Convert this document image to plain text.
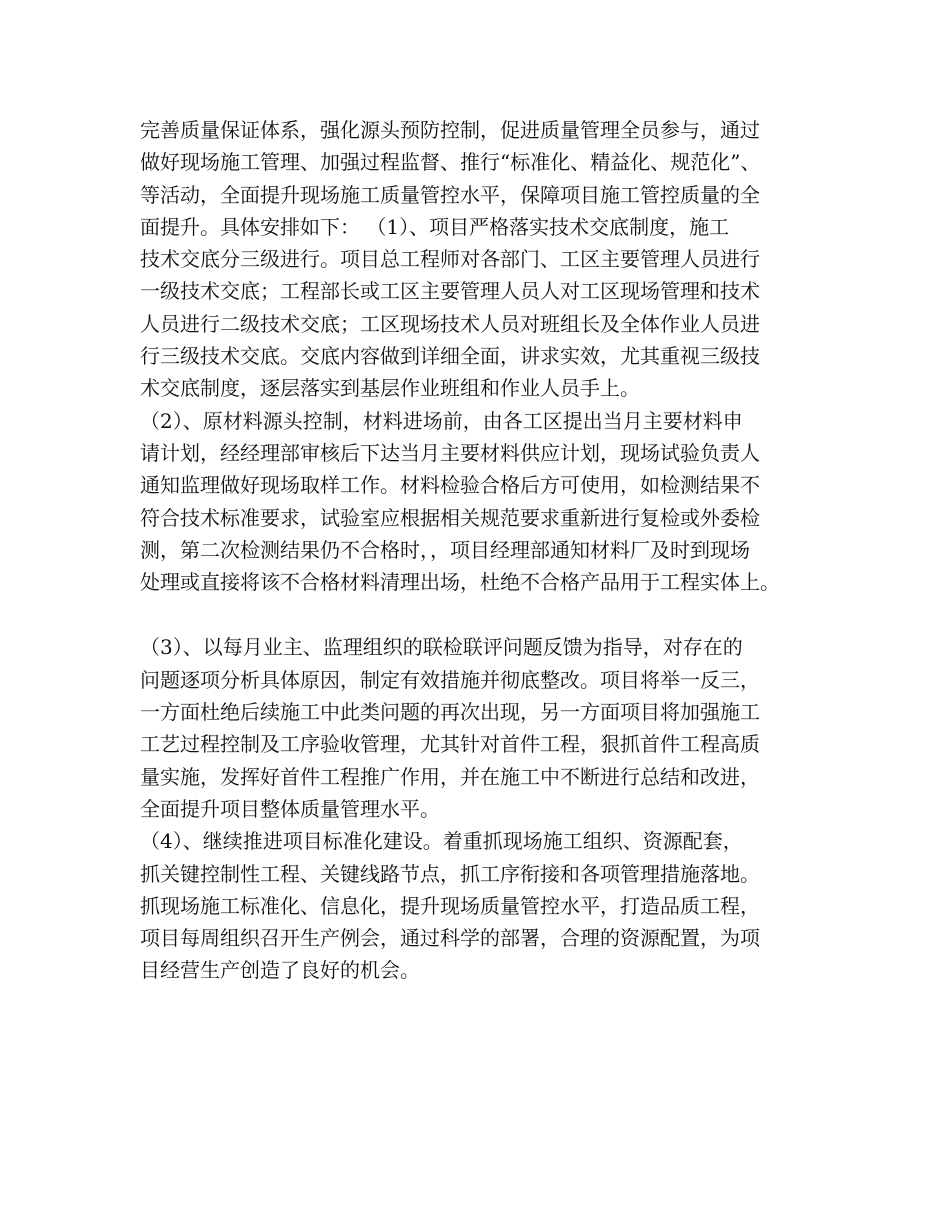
完善质量保证体系，强化源头预防控制，促进质量管理全员参与，通过
做好现场施工管理、加强过程监督、推行“标准化、精益化、规范化”、
等活动，全面提升现场施工质量管控水平，保障项目施工管控质量的全
面提升。具体安排如下： （1）、项目严格落实技术交底制度，施工
技术交底分三级进行。项目总工程师对各部门、工区主要管理人员进行
一级技术交底；工程部长或工区主要管理人员人对工区现场管理和技术
人员进行二级技术交底；工区现场技术人员对班组长及全体作业人员进
行三级技术交底。交底内容做到详细全面，讲求实效，尤其重视三级技
术交底制度，逐层落实到基层作业班组和作业人员手上。
（2）、原材料源头控制，材料进场前，由各工区提出当月主要材料申
请计划，经经理部审核后下达当月主要材料供应计划，现场试验负责人
通知监理做好现场取样工作。材料检验合格后方可使用，如检测结果不
符合技术标准要求，试验室应根据相关规范要求重新进行复检或外委检
测，第二次检测结果仍不合格时，，项目经理部通知材料厂及时到现场
处理或直接将该不合格材料清理出场，杜绝不合格产品用于工程实体上。
（3）、以每月业主、监理组织的联检联评问题反馈为指导，对存在的
问题逐项分析具体原因，制定有效措施并彻底整改。项目将举一反三，
一方面杜绝后续施工中此类问题的再次出现，另一方面项目将加强施工
工艺过程控制及工序验收管理，尤其针对首件工程，狠抓首件工程高质
量实施，发挥好首件工程推广作用，并在施工中不断进行总结和改进，
全面提升项目整体质量管理水平。
（4）、继续推进项目标准化建设。着重抓现场施工组织、资源配套，
抓关键控制性工程、关键线路节点，抓工序衔接和各项管理措施落地。
抓现场施工标准化、信息化，提升现场质量管控水平，打造品质工程，
项目每周组织召开生产例会，通过科学的部署，合理的资源配置，为项
目经营生产创造了良好的机会。
